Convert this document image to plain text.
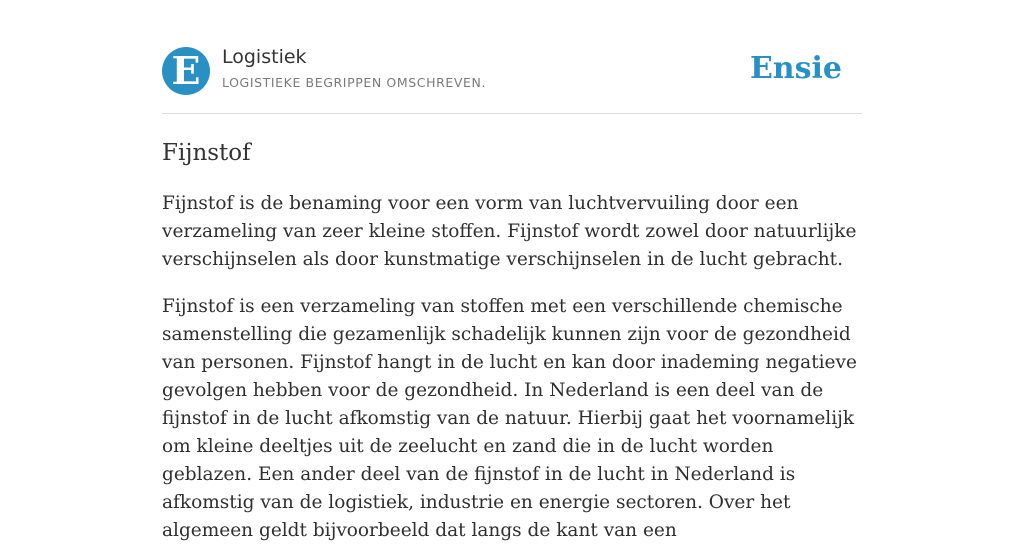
E	Logistiek
LOGISTIEKE BEGRIPPEN OMSCHREVEN.	Ensie
Fijnstof

Fijnstof is de benaming voor een vorm van luchtvervuiling door een verzameling van zeer kleine stoffen. Fijnstof wordt zowel door natuurlijke verschijnselen als door kunstmatige verschijnselen in de lucht gebracht.

Fijnstof is een verzameling van stoffen met een verschillende chemische samenstelling die gezamenlijk schadelijk kunnen zijn voor de gezondheid van personen. Fijnstof hangt in de lucht en kan door inademing negatieve gevolgen hebben voor de gezondheid. In Nederland is een deel van de fijnstof in de lucht afkomstig van de natuur. Hierbij gaat het voornamelijk om kleine deeltjes uit de zeelucht en zand die in de lucht worden geblazen. Een ander deel van de fijnstof in de lucht in Nederland is afkomstig van de logistiek, industrie en energie sectoren. Over het algemeen geldt bijvoorbeeld dat langs de kant van een
